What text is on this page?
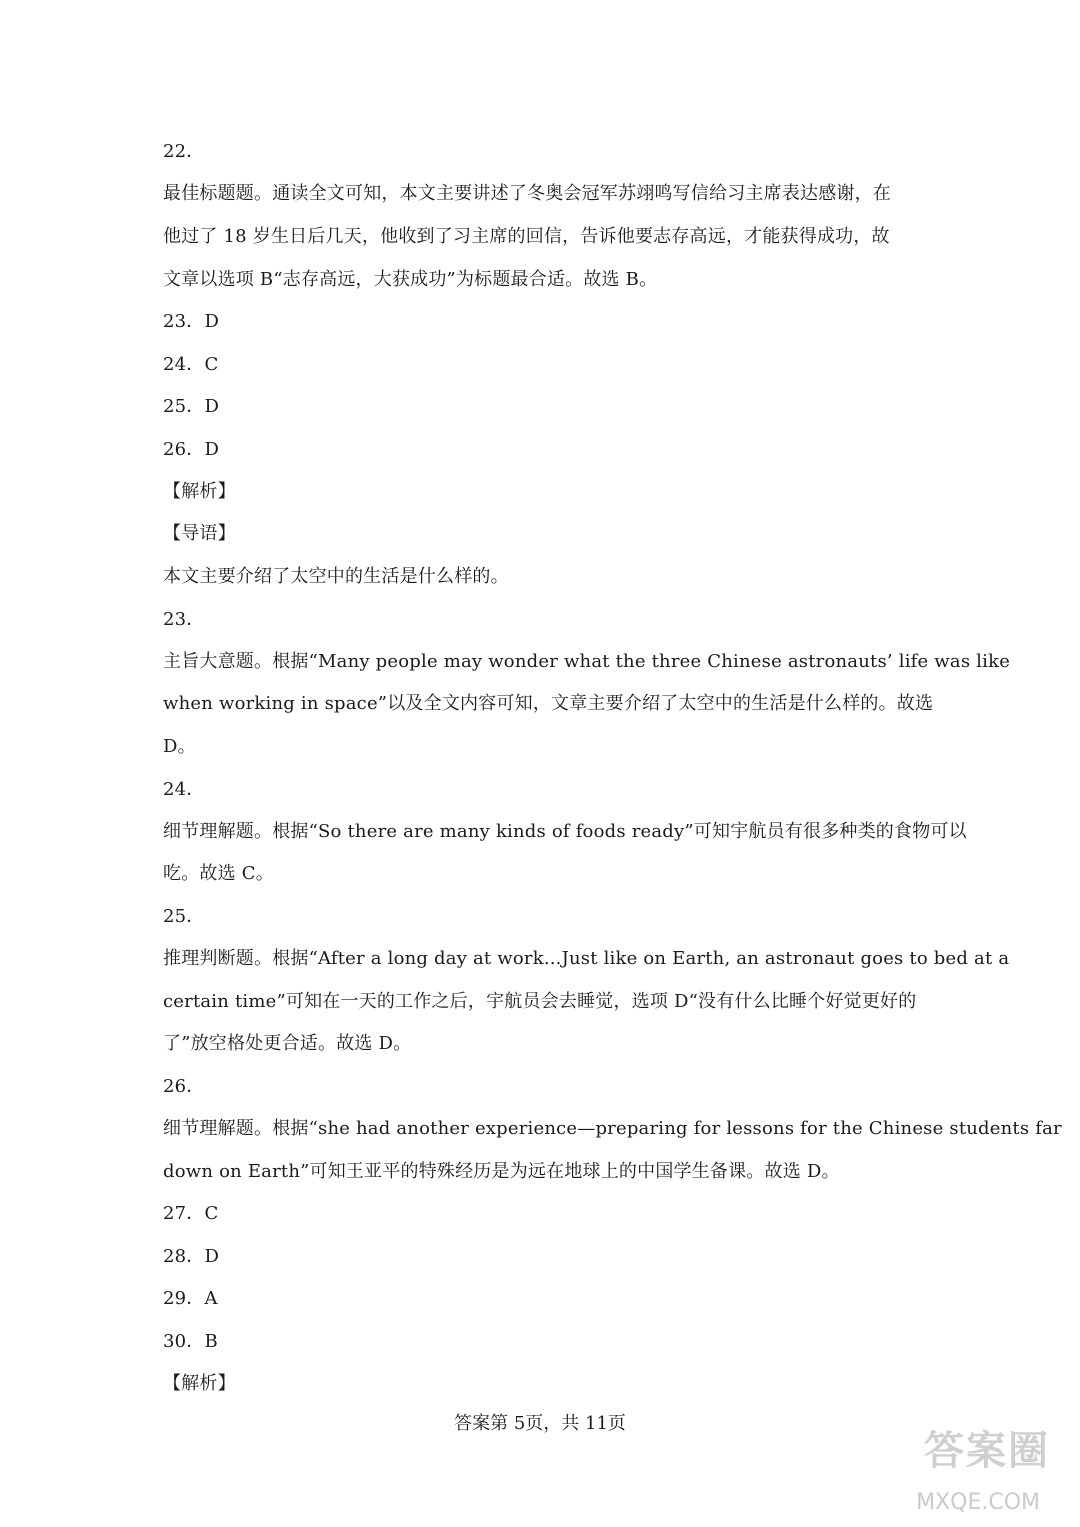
22．
最佳标题题。通读全文可知，本文主要讲述了冬奥会冠军苏翊鸣写信给习主席表达感谢，在
他过了 18 岁生日后几天，他收到了习主席的回信，告诉他要志存高远，才能获得成功，故
文章以选项 B“志存高远，大获成功”为标题最合适。故选 B。
23．D
24．C
25．D
26．D
【解析】
【导语】
本文主要介绍了太空中的生活是什么样的。
23．
主旨大意题。根据“Many people may wonder what the three Chinese astronauts’ life was like
when working in space”以及全文内容可知，文章主要介绍了太空中的生活是什么样的。故选
D。
24．
细节理解题。根据“So there are many kinds of foods ready”可知宇航员有很多种类的食物可以
吃。故选 C。
25．
推理判断题。根据“After a long day at work...Just like on Earth, an astronaut goes to bed at a
certain time”可知在一天的工作之后，宇航员会去睡觉，选项 D“没有什么比睡个好觉更好的
了”放空格处更合适。故选 D。
26．
细节理解题。根据“she had another experience—preparing for lessons for the Chinese students far
down on Earth”可知王亚平的特殊经历是为远在地球上的中国学生备课。故选 D。
27．C
28．D
29．A
30．B
【解析】
答案第 5页，共 11页
答案圈
MXQE.COM
